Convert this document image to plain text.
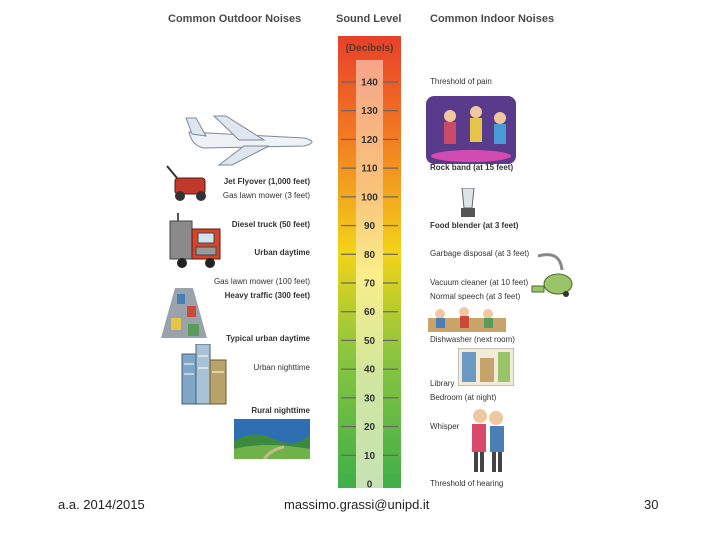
Common Outdoor Noises	Sound Level	Common Indoor Noises
(Decibels)
140
130
120
110
100
90
80
70
60
50
40
30
20
10
0
Jet Flyover (1,000 feet)
Gas lawn mower (3 feet)
Diesel truck (50 feet)
Urban daytime
Gas lawn mower (100 feet)
Heavy traffic (300 feet)
Typical urban daytime
Urban nighttime
Rural nighttime
Threshold of pain
Rock band (at 15 feet)
Food blender (at 3 feet)
Garbage disposal (at 3 feet)
Vacuum cleaner (at 10 feet)
Normal speech (at 3 feet)
Dishwasher (next room)
Library
Bedroom (at night)
Whisper
Threshold of hearing
a.a. 2014/2015	massimo.grassi@unipd.it	30
